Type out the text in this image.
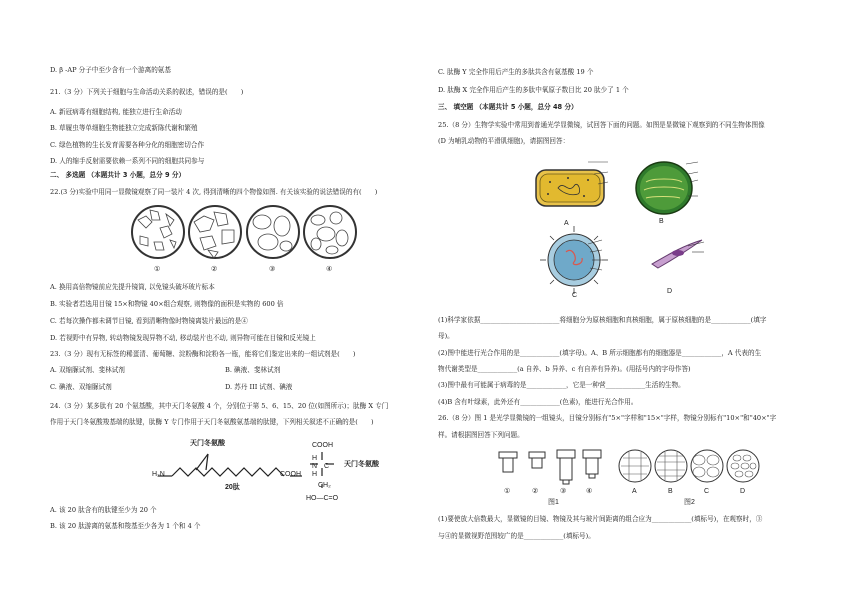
D. β -AP 分子中至少含有一个游离的氨基
21.（3 分）下列关于细胞与生命活动关系的叙述，错误的是(　　)
A. 新冠病毒有细胞结构, 能独立进行生命活动
B. 草履虫等单细胞生物能独立完成新陈代谢和繁殖
C. 绿色植物的生长发育需要各种分化的细胞密切合作
D. 人的缩手反射需要依赖一系列不同的细胞共同参与
二、 多选题 （本题共计 3 小题，总分 9 分）
22.(3 分)实验中用同一显微镜观察了同一装片 4 次, 得到清晰的四个物像如图. 有关该实验的说法错误的有(　　)
①	②	③	④
A. 换用高倍物镜前应先提升镜筒, 以免镜头破坏玻片标本
B. 实验者若选用目镜 15×和物镜 40×组合观察, 则物像的面积是实物的 600 倍
C. 若每次操作都未调节目镜, 看到清晰物像时物镜离装片最远的是④
D. 若视野中有异物, 转动物镜发现异物不动, 移动装片也不动, 则异物可能在目镜和反光镜上
23.（3 分）现有无标签的稀蛋清、葡萄糖、淀粉酶和淀粉各一瓶，能将它们鉴定出来的一组试剂是(　　)
A. 双缩脲试剂、斐林试剂	B. 碘液、斐林试剂
C. 碘液、双缩脲试剂	D. 苏丹 III 试剂、碘液
24.（3 分）某多肽有 20 个氨基酸，其中天门冬氨酸 4 个，分别位于第 5、6、15、20 位(如图所示)；肽酶 X 专门
作用于天门冬氨酸羧基端的肽键，肽酶 Y 专门作用于天门冬氨酸氨基端的肽键，下列相关叙述不正确的是(　　)
天门冬氨酸
H₂N	COOH
20肽
COOH
H
N C
H
天门冬氨酸
CH₂
HO—C=O
A. 该 20 肽含有的肽键至少为 20 个
B. 该 20 肽游离的氨基和羧基至少各为 1 个和 4 个
C. 肽酶 Y 完全作用后产生的多肽共含有氨基酸 19 个
D. 肽酶 X 完全作用后产生的多肽中氧原子数目比 20 肽少了 1 个
三、 填空题 （本题共计 5 小题，总分 48 分）
25.（8 分）生物学实验中常用到普通光学显微镜，试回答下面的问题。如图是显微镜下观察到的不同生物体图像
(D 为哺乳动物的平滑肌细胞)，请据图回答：
A	B
C
D
(1)科学家依据________________________将细胞分为原核细胞和真核细胞，属于原核细胞的是____________(填字
母)。
(2)图中能进行光合作用的是____________(填字母)。A、B 所示细胞都有的细胞器是____________，A 代表的生
物代谢类型是____________(a 自养、b 异养、c 有自养有异养)。(用括号内的字母作答)
(3)图中最有可能属于病毒的是____________，它是一种营____________生活的生物。
(4)B 含有叶绿素，此外还有____________(色素)，能进行光合作用。
26.（8 分）图 1 是光学显微镜的一组镜头，目镜分别标有"5×"字样和"15×"字样，物镜分别标有"10×"和"40×"字
样。请根据图回答下列问题。
①	②	③	④	A	B	C	D
图1	图2
(1)要使放大倍数最大，显微镜的目镜、物镜及其与玻片间距离的组合应为____________(填标号)，在观察时，③
与④的显微视野范围较广的是____________(填标号)。
